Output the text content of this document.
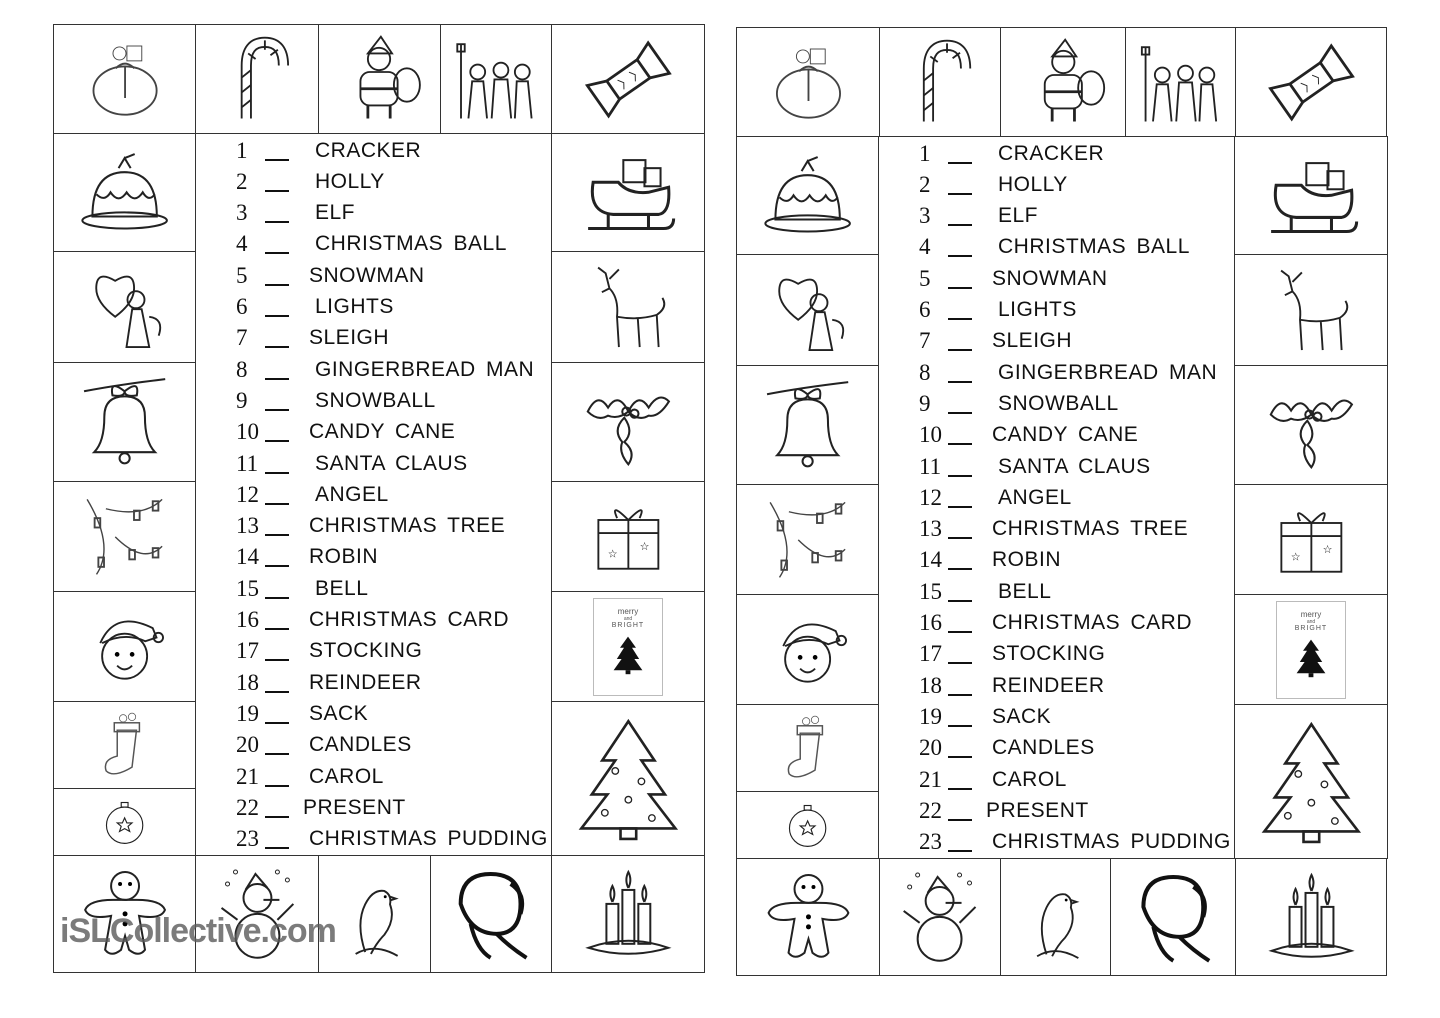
☆
☆
merry
and
BRIGHT
1	CRACKER
2	HOLLY
3	ELF
4	CHRISTMAS BALL
5	SNOWMAN
6	LIGHTS
7	SLEIGH
8	GINGERBREAD MAN
9	SNOWBALL
10 CANDY CANE
11	SANTA CLAUS
12	ANGEL
13 CHRISTMAS TREE
14 ROBIN
15	BELL
16 CHRISTMAS CARD
17 STOCKING
18 REINDEER
19 SACK
20 CANDLES
21 CAROL
22 PRESENT
23 CHRISTMAS PUDDING
☆
☆
merry
and
BRIGHT
1	CRACKER
2	HOLLY
3	ELF
4	CHRISTMAS BALL
5	SNOWMAN
6	LIGHTS
7	SLEIGH
8	GINGERBREAD MAN
9	SNOWBALL
10 CANDY CANE
11	SANTA CLAUS
12	ANGEL
13 CHRISTMAS TREE
14 ROBIN
15	BELL
16 CHRISTMAS CARD
17 STOCKING
18 REINDEER
19 SACK
20 CANDLES
21 CAROL
22 PRESENT
23 CHRISTMAS PUDDING
iSLCollective.com
